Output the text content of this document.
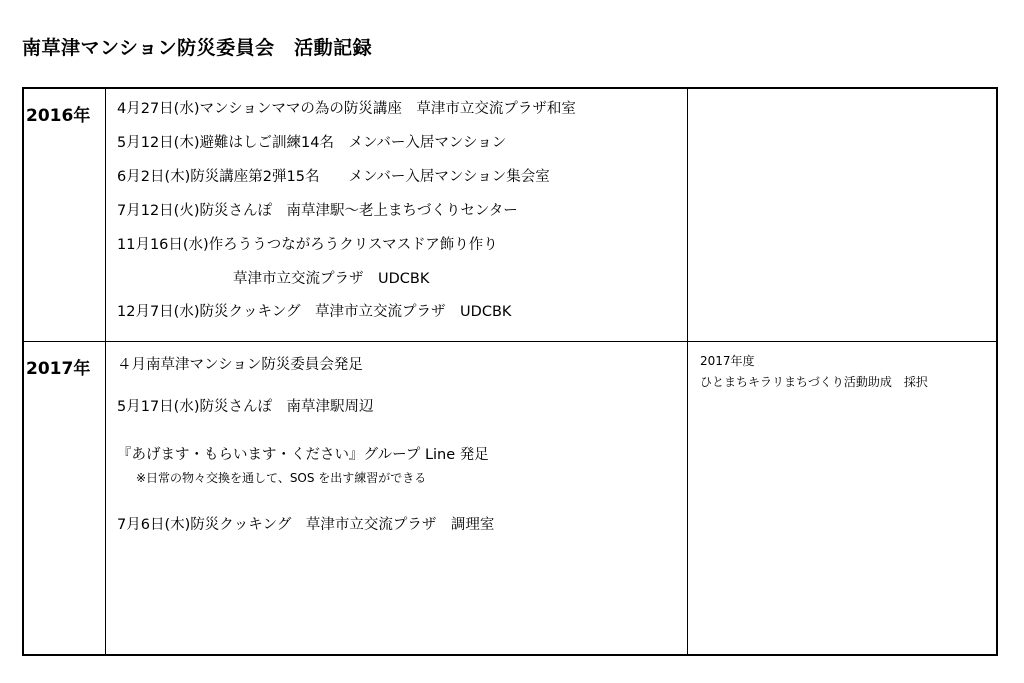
南草津マンション防災委員会　活動記録
2016年 4月27日(水)マンションママの為の防災講座　草津市立交流プラザ和室
5月12日(木)避難はしご訓練14名　メンバー入居マンション
6月2日(木)防災講座第2弾15名　　メンバー入居マンション集会室
7月12日(火)防災さんぽ　南草津駅～老上まちづくりセンター
11月16日(水)作ろううつながろうクリスマスドア飾り作り
　　　　　　　　草津市立交流プラザ　UDCBK
12月7日(水)防災クッキング　草津市立交流プラザ　UDCBK
2017年 ４月南草津マンション防災委員会発足
5月17日(水)防災さんぽ　南草津駅周辺
『あげます・もらいます・ください』グループ Line 発足
※日常の物々交換を通して、SOS を出す練習ができる
7月6日(木)防災クッキング　草津市立交流プラザ　調理室
2017年度
ひとまちキラリまちづくり活動助成　採択
